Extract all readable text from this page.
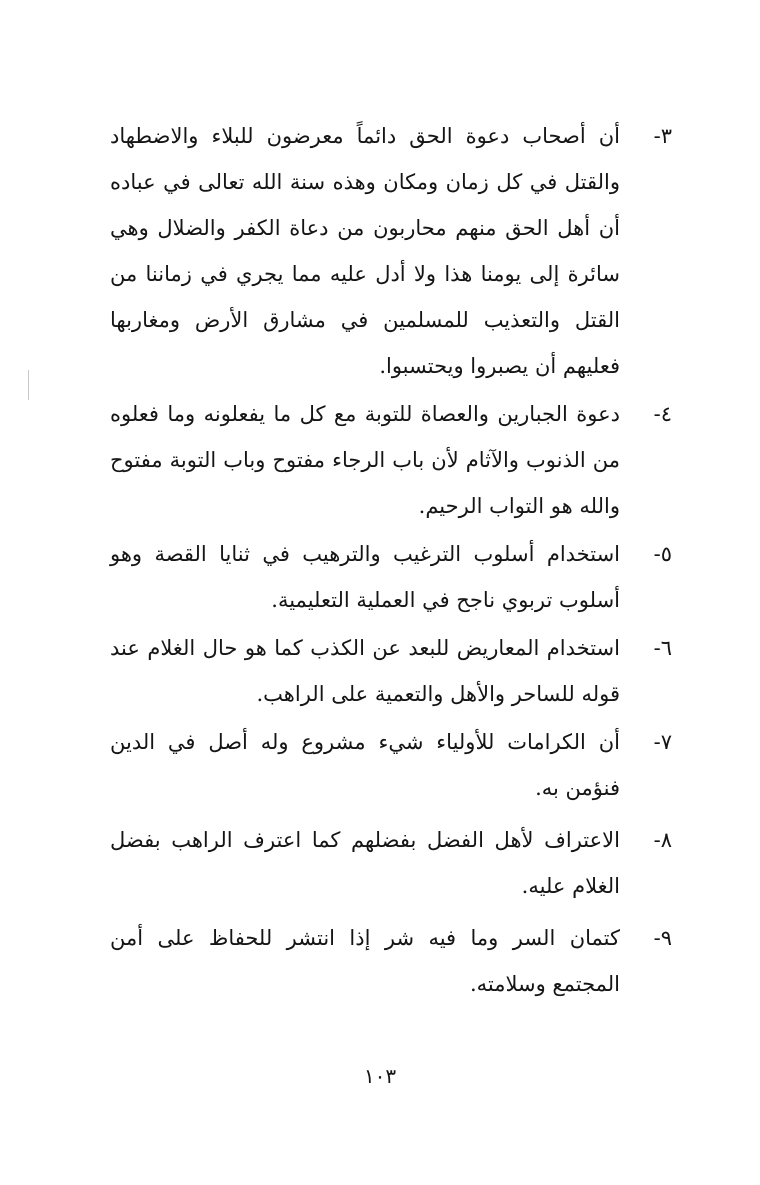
٣-
أن أصحاب دعوة الحق دائماً معرضون للبلاء والاضطهاد والقتل في كل زمان ومكان وهذه سنة الله تعالى في عباده أن أهل الحق منهم محاربون من دعاة الكفر والضلال وهي سائرة إلى يومنا هذا ولا أدل عليه مما يجري في زماننا من القتل والتعذيب للمسلمين في مشارق الأرض ومغاربها فعليهم أن يصبروا ويحتسبوا.
٤-
دعوة الجبارين والعصاة للتوبة مع كل ما يفعلونه وما فعلوه من الذنوب والآثام لأن باب الرجاء مفتوح وباب التوبة مفتوح والله هو التواب الرحيم.
٥-
استخدام أسلوب الترغيب والترهيب في ثنايا القصة وهو أسلوب تربوي ناجح في العملية التعليمية.
٦-
استخدام المعاريض للبعد عن الكذب كما هو حال الغلام عند قوله للساحر والأهل والتعمية على الراهب.
٧-
أن الكرامات للأولياء شيء مشروع وله أصل في الدين فنؤمن به.
٨-
الاعتراف لأهل الفضل بفضلهم كما اعترف الراهب بفضل الغلام عليه.
٩-
كتمان السر وما فيه شر إذا انتشر للحفاظ على أمن المجتمع وسلامته.
١٠٣
